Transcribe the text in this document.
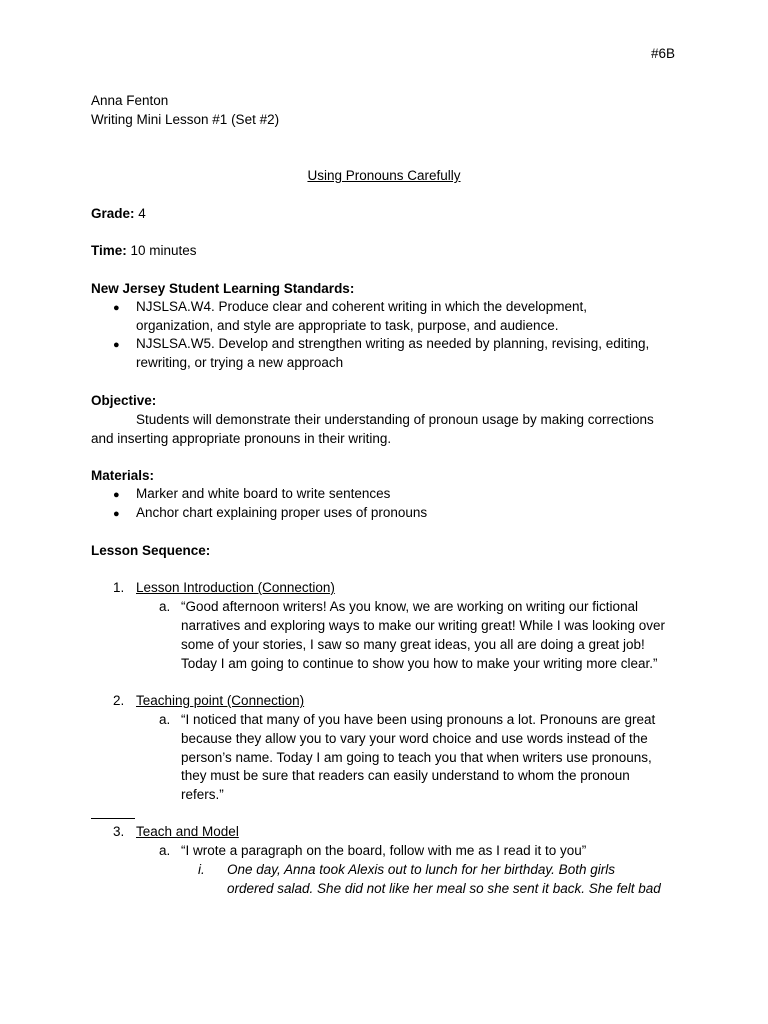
#6B
Anna Fenton
Writing Mini Lesson #1 (Set #2)
Using Pronouns Carefully
Grade: 4
Time: 10 minutes
New Jersey Student Learning Standards:
● NJSLSA.W4. Produce clear and coherent writing in which the development,
organization, and style are appropriate to task, purpose, and audience.
● NJSLSA.W5. Develop and strengthen writing as needed by planning, revising, editing,
rewriting, or trying a new approach
Objective:
Students will demonstrate their understanding of pronoun usage by making corrections
and inserting appropriate pronouns in their writing.
Materials:
● Marker and white board to write sentences
● Anchor chart explaining proper uses of pronouns
Lesson Sequence:
1. Lesson Introduction (Connection)
a. “Good afternoon writers! As you know, we are working on writing our fictional
narratives and exploring ways to make our writing great! While I was looking over
some of your stories, I saw so many great ideas, you all are doing a great job!
Today I am going to continue to show you how to make your writing more clear.”
2. Teaching point (Connection)
a. “I noticed that many of you have been using pronouns a lot. Pronouns are great
because they allow you to vary your word choice and use words instead of the
person’s name. Today I am going to teach you that when writers use pronouns,
they must be sure that readers can easily understand to whom the pronoun
refers.”
3. Teach and Model
a. “I wrote a paragraph on the board, follow with me as I read it to you”
i. One day, Anna took Alexis out to lunch for her birthday. Both girls
ordered salad. She did not like her meal so she sent it back. She felt bad
